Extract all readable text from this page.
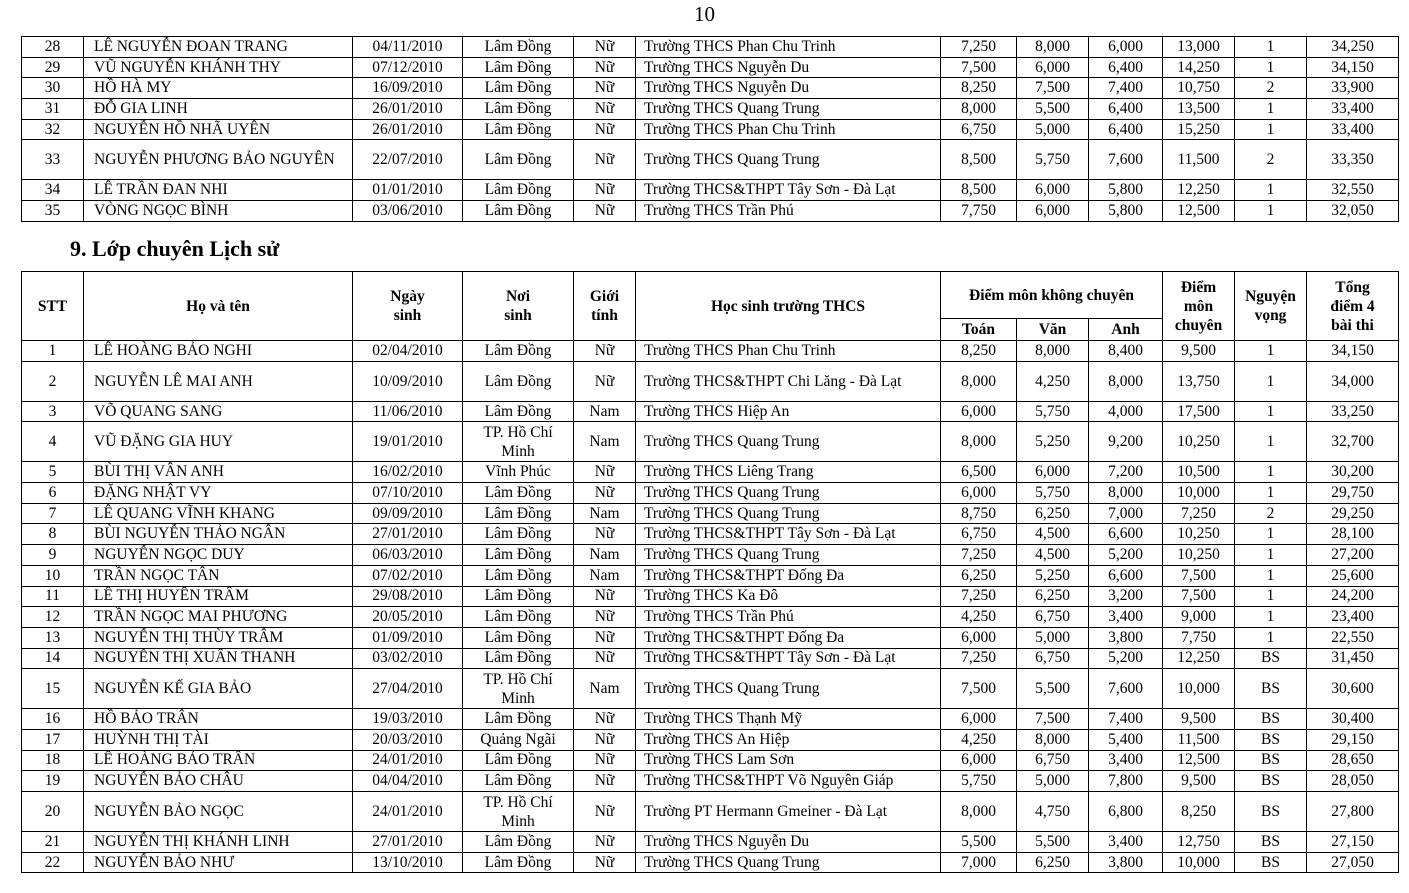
10
28	LÊ NGUYỄN ĐOAN TRANG	04/11/2010	Lâm Đồng	Nữ	Trường THCS Phan Chu Trinh	7,250	8,000	6,000	13,000	1	34,250
29	VŨ NGUYỄN KHÁNH THY	07/12/2010	Lâm Đồng	Nữ	Trường THCS Nguyễn Du	7,500	6,000	6,400	14,250	1	34,150
30	HỒ HÀ MY	16/09/2010	Lâm Đồng	Nữ	Trường THCS Nguyễn Du	8,250	7,500	7,400	10,750	2	33,900
31	ĐỖ GIA LINH	26/01/2010	Lâm Đồng	Nữ	Trường THCS Quang Trung	8,000	5,500	6,400	13,500	1	33,400
32	NGUYỄN HỒ NHÃ UYÊN	26/01/2010	Lâm Đồng	Nữ	Trường THCS Phan Chu Trinh	6,750	5,000	6,400	15,250	1	33,400
33	NGUYỄN PHƯƠNG BẢO NGUYÊN	22/07/2010	Lâm Đồng	Nữ	Trường THCS Quang Trung	8,500	5,750	7,600	11,500	2	33,350
34	LÊ TRẦN ĐAN NHI	01/01/2010	Lâm Đồng	Nữ	Trường THCS&THPT Tây Sơn - Đà Lạt	8,500	6,000	5,800	12,250	1	32,550
35	VÒNG NGỌC BÌNH	03/06/2010	Lâm Đồng	Nữ	Trường THCS Trần Phú	7,750	6,000	5,800	12,500	1	32,050
9. Lớp chuyên Lịch sử
STT	Họ và tên	Ngày sinh	Nơi sinh	Giới tính	Học sinh trường THCS	Điểm môn không chuyên			Điểm môn chuyên	Nguyện vọng	Tổng điểm 4 bài thi
						Toán	Văn	Anh			
1	LÊ HOÀNG BẢO NGHI	02/04/2010	Lâm Đồng	Nữ	Trường THCS Phan Chu Trinh	8,250	8,000	8,400	9,500	1	34,150
2	NGUYỄN LÊ MAI ANH	10/09/2010	Lâm Đồng	Nữ	Trường THCS&THPT Chi Lăng - Đà Lạt	8,000	4,250	8,000	13,750	1	34,000
3	VÕ QUANG SANG	11/06/2010	Lâm Đồng	Nam	Trường THCS Hiệp An	6,000	5,750	4,000	17,500	1	33,250
4	VŨ ĐẶNG GIA HUY	19/01/2010	TP. Hồ Chí Minh	Nam	Trường THCS Quang Trung	8,000	5,250	9,200	10,250	1	32,700
5	BÙI THỊ VÂN ANH	16/02/2010	Vĩnh Phúc	Nữ	Trường THCS Liêng Trang	6,500	6,000	7,200	10,500	1	30,200
6	ĐẶNG NHẬT VY	07/10/2010	Lâm Đồng	Nữ	Trường THCS Quang Trung	6,000	5,750	8,000	10,000	1	29,750
7	LÊ QUANG VĨNH KHANG	09/09/2010	Lâm Đồng	Nam	Trường THCS Quang Trung	8,750	6,250	7,000	7,250	2	29,250
8	BÙI NGUYỄN THẢO NGÂN	27/01/2010	Lâm Đồng	Nữ	Trường THCS&THPT Tây Sơn - Đà Lạt	6,750	4,500	6,600	10,250	1	28,100
9	NGUYỄN NGỌC DUY	06/03/2010	Lâm Đồng	Nam	Trường THCS Quang Trung	7,250	4,500	5,200	10,250	1	27,200
10	TRẦN NGỌC TÂN	07/02/2010	Lâm Đồng	Nam	Trường THCS&THPT Đống Đa	6,250	5,250	6,600	7,500	1	25,600
11	LÊ THỊ HUYỀN TRÂM	29/08/2010	Lâm Đồng	Nữ	Trường THCS Ka Đô	7,250	6,250	3,200	7,500	1	24,200
12	TRẦN NGỌC MAI PHƯƠNG	20/05/2010	Lâm Đồng	Nữ	Trường THCS Trần Phú	4,250	6,750	3,400	9,000	1	23,400
13	NGUYỄN THỊ THÙY TRÂM	01/09/2010	Lâm Đồng	Nữ	Trường THCS&THPT Đống Đa	6,000	5,000	3,800	7,750	1	22,550
14	NGUYỄN THỊ XUÂN THANH	03/02/2010	Lâm Đồng	Nữ	Trường THCS&THPT Tây Sơn - Đà Lạt	7,250	6,750	5,200	12,250	BS	31,450
15	NGUYỄN KẾ GIA BẢO	27/04/2010	TP. Hồ Chí Minh	Nam	Trường THCS Quang Trung	7,500	5,500	7,600	10,000	BS	30,600
16	HỒ BẢO TRÂN	19/03/2010	Lâm Đồng	Nữ	Trường THCS Thạnh Mỹ	6,000	7,500	7,400	9,500	BS	30,400
17	HUỲNH THỊ TÀI	20/03/2010	Quảng Ngãi	Nữ	Trường THCS An Hiệp	4,250	8,000	5,400	11,500	BS	29,150
18	LÊ HOÀNG BẢO TRÂN	24/01/2010	Lâm Đồng	Nữ	Trường THCS Lam Sơn	6,000	6,750	3,400	12,500	BS	28,650
19	NGUYỄN BẢO CHÂU	04/04/2010	Lâm Đồng	Nữ	Trường THCS&THPT Võ Nguyên Giáp	5,750	5,000	7,800	9,500	BS	28,050
20	NGUYỄN BẢO NGỌC	24/01/2010	TP. Hồ Chí Minh	Nữ	Trường PT Hermann Gmeiner - Đà Lạt	8,000	4,750	6,800	8,250	BS	27,800
21	NGUYỄN THỊ KHÁNH LINH	27/01/2010	Lâm Đồng	Nữ	Trường THCS Nguyễn Du	5,500	5,500	3,400	12,750	BS	27,150
22	NGUYỄN BẢO NHƯ	13/10/2010	Lâm Đồng	Nữ	Trường THCS Quang Trung	7,000	6,250	3,800	10,000	BS	27,050
